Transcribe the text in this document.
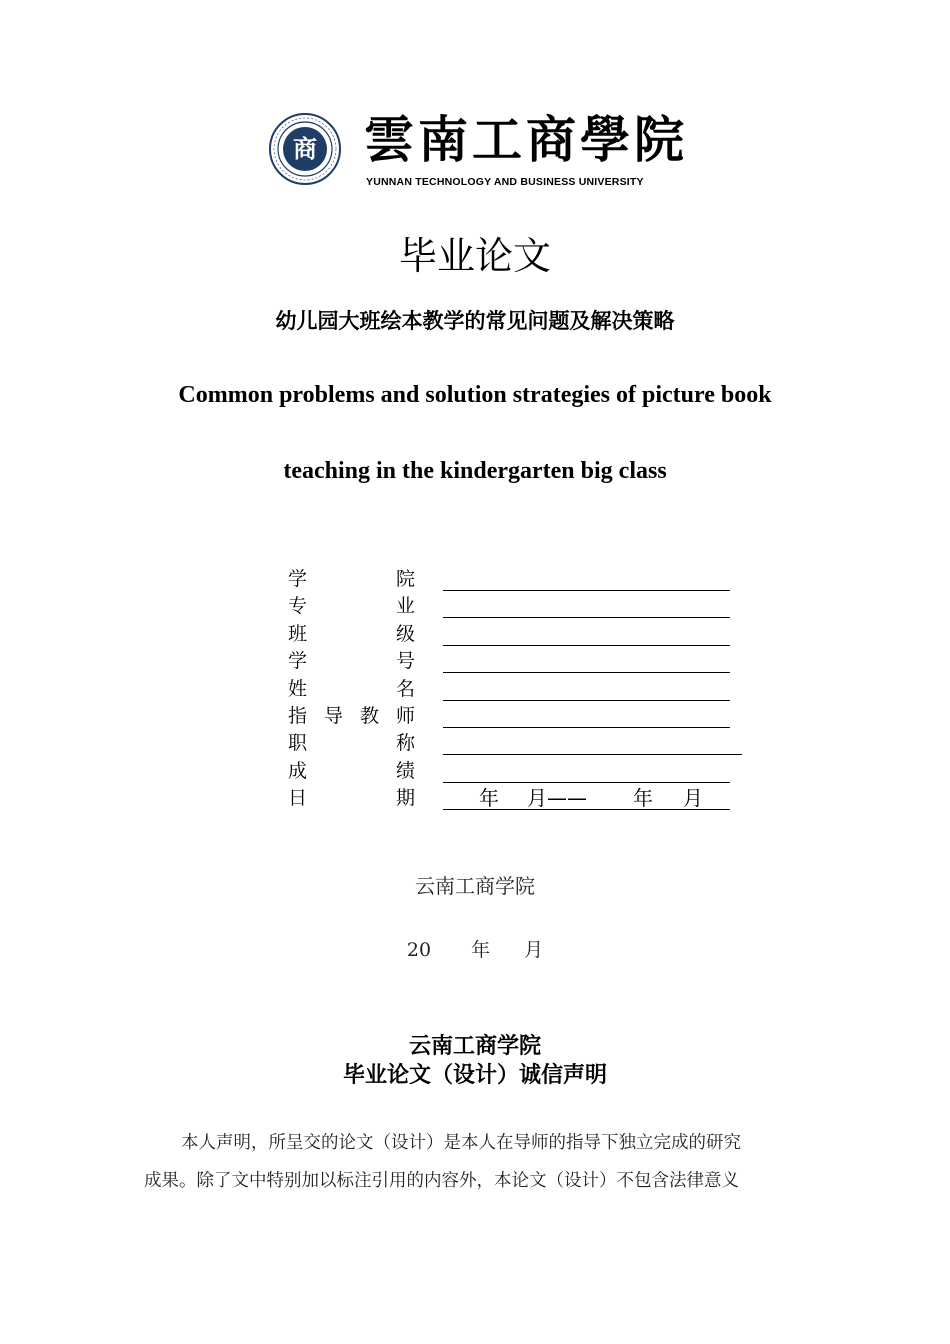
商 雲南工商學院
YUNNAN TECHNOLOGY AND BUSINESS UNIVERSITY
毕业论文
幼儿园大班绘本教学的常见问题及解决策略
Common problems and solution strategies of picture book
teaching in the kindergarten big class
学	院
专	业
班	级
学	号
姓	名
指 导 教 师
职	称
成	绩
日	期	年 月—— 年 月
云南工商学院
20 年 月
云南工商学院
毕业论文（设计）诚信声明
本人声明，所呈交的论文（设计）是本人在导师的指导下独立完成的研究
成果。除了文中特别加以标注引用的内容外，本论文（设计）不包含法律意义
